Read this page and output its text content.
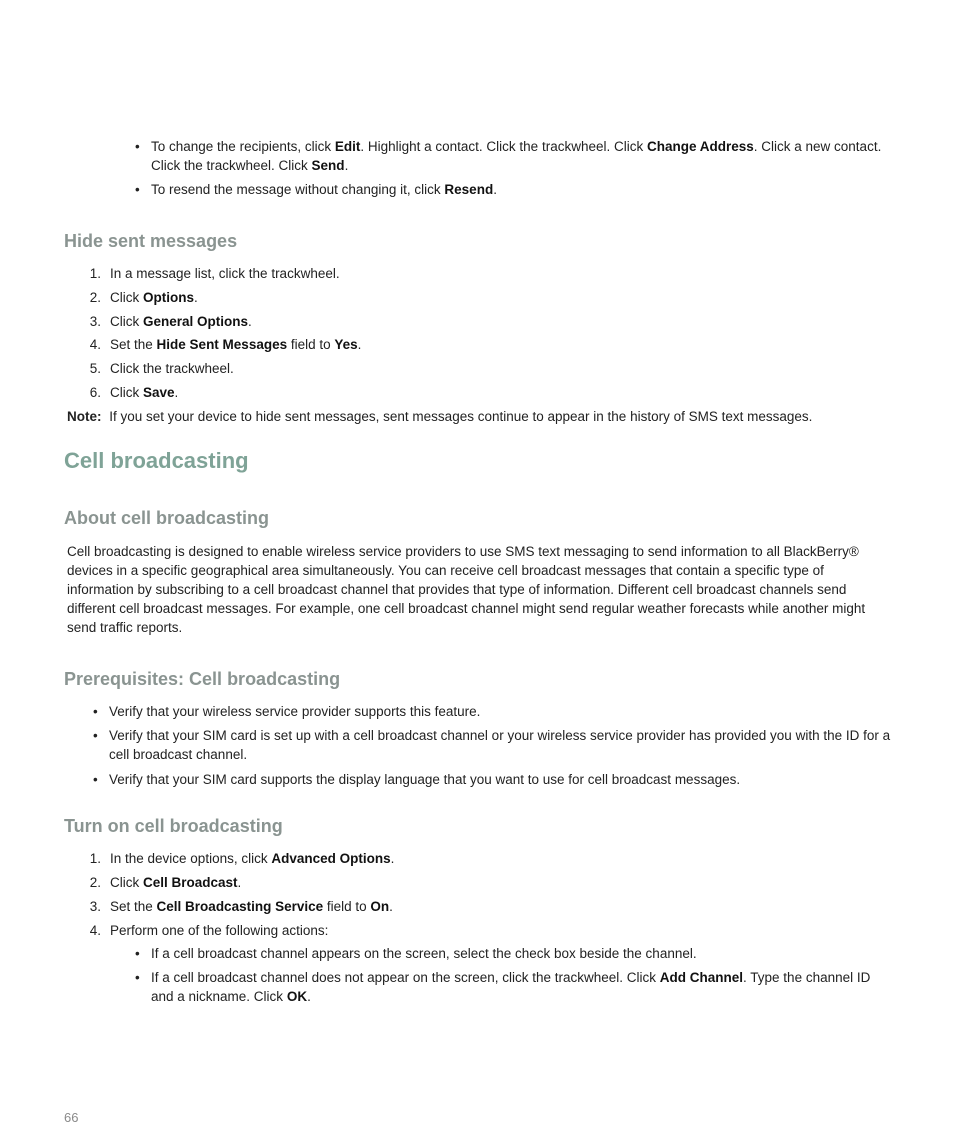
• To change the recipients, click Edit. Highlight a contact. Click the trackwheel. Click Change Address. Click a new contact. Click the trackwheel. Click Send.
• To resend the message without changing it, click Resend.
Hide sent messages
1. In a message list, click the trackwheel.
2. Click Options.
3. Click General Options.
4. Set the Hide Sent Messages field to Yes.
5. Click the trackwheel.
6. Click Save.
Note: If you set your device to hide sent messages, sent messages continue to appear in the history of SMS text messages.
Cell broadcasting
About cell broadcasting
Cell broadcasting is designed to enable wireless service providers to use SMS text messaging to send information to all BlackBerry® devices in a specific geographical area simultaneously. You can receive cell broadcast messages that contain a specific type of information by subscribing to a cell broadcast channel that provides that type of information. Different cell broadcast channels send different cell broadcast messages. For example, one cell broadcast channel might send regular weather forecasts while another might send traffic reports.
Prerequisites: Cell broadcasting
• Verify that your wireless service provider supports this feature.
• Verify that your SIM card is set up with a cell broadcast channel or your wireless service provider has provided you with the ID for a cell broadcast channel.
• Verify that your SIM card supports the display language that you want to use for cell broadcast messages.
Turn on cell broadcasting
1. In the device options, click Advanced Options.
2. Click Cell Broadcast.
3. Set the Cell Broadcasting Service field to On.
4. Perform one of the following actions:
• If a cell broadcast channel appears on the screen, select the check box beside the channel.
• If a cell broadcast channel does not appear on the screen, click the trackwheel. Click Add Channel. Type the channel ID and a nickname. Click OK.
66
